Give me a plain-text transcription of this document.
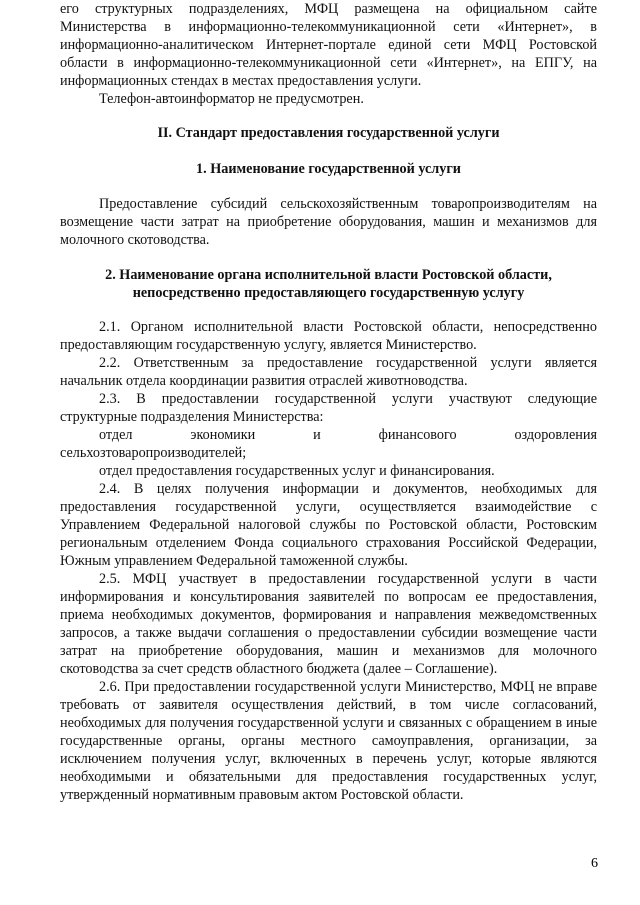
его структурных подразделениях, МФЦ размещена на официальном сайте Министерства в информационно-телекоммуникационной сети «Интернет», в информационно-аналитическом Интернет-портале единой сети МФЦ Ростовской области в информационно-телекоммуникационной сети «Интернет», на ЕПГУ, на информационных стендах в местах предоставления услуги.

Телефон-автоинформатор не предусмотрен.

II. Стандарт предоставления государственной услуги
1. Наименование государственной услуги

Предоставление субсидий сельскохозяйственным товаропроизводителям на возмещение части затрат на приобретение оборудования, машин и механизмов для молочного скотоводства.

2. Наименование органа исполнительной власти Ростовской области,
непосредственно предоставляющего государственную услугу

2.1. Органом исполнительной власти Ростовской области, непосредственно предоставляющим государственную услугу, является Министерство.

2.2. Ответственным за предоставление государственной услуги является начальник отдела координации развития отраслей животноводства.

2.3. В предоставлении государственной услуги участвуют следующие структурные подразделения Министерства:

отдел экономики и финансового оздоровления

сельхозтоваропроизводителей;

отдел предоставления государственных услуг и финансирования.

2.4. В целях получения информации и документов, необходимых для предоставления государственной услуги, осуществляется взаимодействие с Управлением Федеральной налоговой службы по Ростовской области, Ростовским региональным отделением Фонда социального страхования Российской Федерации, Южным управлением Федеральной таможенной службы.

2.5. МФЦ участвует в предоставлении государственной услуги в части информирования и консультирования заявителей по вопросам ее предоставления, приема необходимых документов, формирования и направления межведомственных запросов, а также выдачи соглашения о предоставлении субсидии возмещение части затрат на приобретение оборудования, машин и механизмов для молочного скотоводства за счет средств областного бюджета (далее – Соглашение).

2.6. При предоставлении государственной услуги Министерство, МФЦ не вправе требовать от заявителя осуществления действий, в том числе согласований, необходимых для получения государственной услуги и связанных с обращением в иные государственные органы, органы местного самоуправления, организации, за исключением получения услуг, включенных в перечень услуг, которые являются необходимыми и обязательными для предоставления государственных услуг, утвержденный нормативным правовым актом Ростовской области.

6
